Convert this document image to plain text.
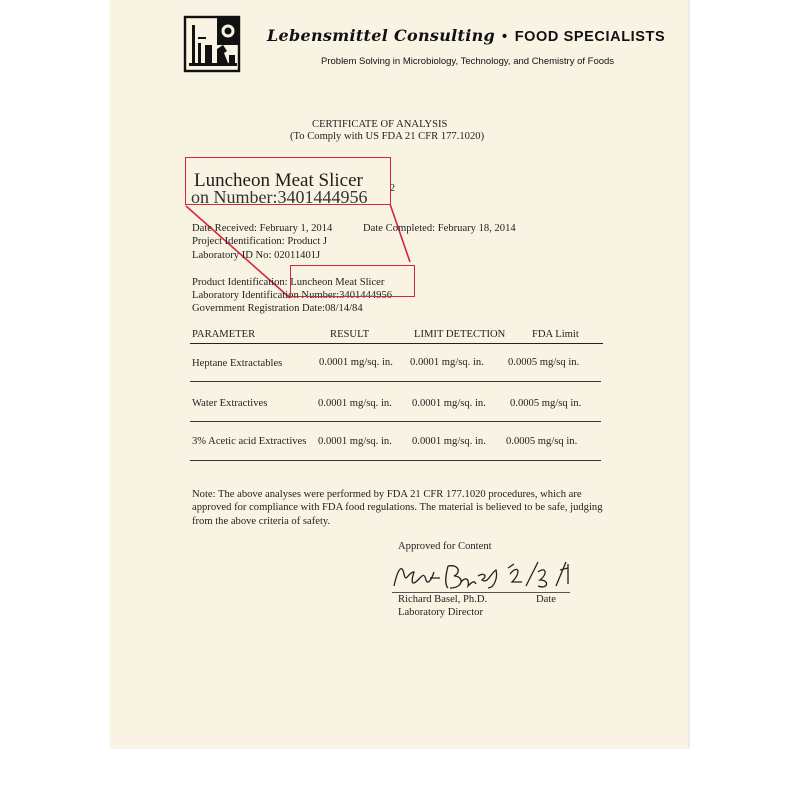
Lebensmittel Consulting • FOOD SPECIALISTS
Problem Solving in Microbiology, Technology, and Chemistry of Foods
CERTIFICATE OF ANALYSIS
(To Comply with US FDA 21 CFR 177.1020)
on Number:3401444956	2
Luncheon Meat Slicer
Date Received: February 1, 2014	Date Completed: February 18, 2014
Project Identification: Product J
Laboratory ID No: 02011401J
Product Identification: Luncheon Meat Slicer
Laboratory Identification Number:3401444956
Government Registration Date:08/14/84
PARAMETER	RESULT	LIMIT DETECTION	FDA Limit
Heptane Extractables	0.0001 mg/sq. in. 0.0001 mg/sq. in. 0.0005 mg/sq in.
Water Extractives	0.0001 mg/sq. in. 0.0001 mg/sq. in. 0.0005 mg/sq in.
3% Acetic acid Extractives 0.0001 mg/sq. in. 0.0001 mg/sq. in. 0.0005 mg/sq in.
Note: The above analyses were performed by FDA 21 CFR 177.1020 procedures, which are approved for compliance with FDA food regulations. The material is believed to be safe, judging from the above criteria of safety.
Approved for Content
Richard Basel, Ph.D.	Date
Laboratory Director
